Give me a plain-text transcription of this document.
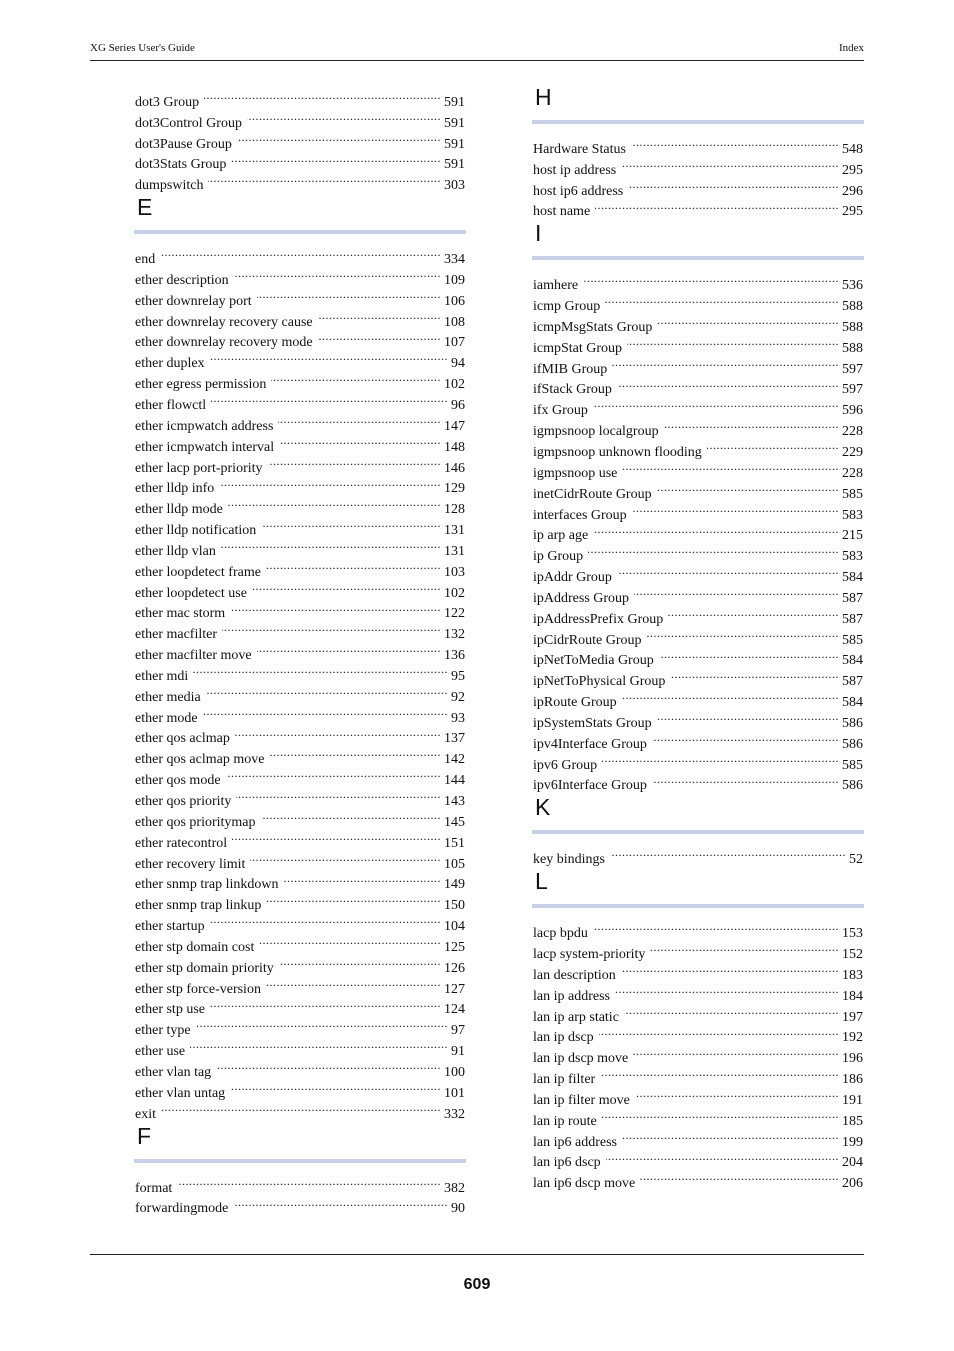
XG Series User's Guide	Index
dot3 Group .....	591
dot3Control Group .....	591
dot3Pause Group .....	591
dot3Stats Group .....	591
dumpswitch .....	303
E
end .....	334
ether description .....	109
ether downrelay port .....	106
ether downrelay recovery cause .....	108
ether downrelay recovery mode .....	107
ether duplex .....	94
ether egress permission .....	102
ether flowctl .....	96
ether icmpwatch address .....	147
ether icmpwatch interval .....	148
ether lacp port-priority .....	146
ether lldp info .....	129
ether lldp mode .....	128
ether lldp notification .....	131
ether lldp vlan .....	131
ether loopdetect frame .....	103
ether loopdetect use .....	102
ether mac storm .....	122
ether macfilter .....	132
ether macfilter move .....	136
ether mdi .....	95
ether media .....	92
ether mode .....	93
ether qos aclmap .....	137
ether qos aclmap move .....	142
ether qos mode .....	144
ether qos priority .....	143
ether qos prioritymap .....	145
ether ratecontrol .....	151
ether recovery limit .....	105
ether snmp trap linkdown .....	149
ether snmp trap linkup .....	150
ether startup .....	104
ether stp domain cost .....	125
ether stp domain priority .....	126
ether stp force-version .....	127
ether stp use .....	124
ether type .....	97
ether use .....	91
ether vlan tag .....	100
ether vlan untag .....	101
exit .....	332
F
format .....	382
forwardingmode .....	90
H
Hardware Status .....	548
host ip address .....	295
host ip6 address .....	296
host name .....	295
I
iamhere .....	536
icmp Group .....	588
icmpMsgStats Group .....	588
icmpStat Group .....	588
ifMIB Group .....	597
ifStack Group .....	597
ifx Group .....	596
igmpsnoop localgroup .....	228
igmpsnoop unknown flooding .....	229
igmpsnoop use .....	228
inetCidrRoute Group .....	585
interfaces Group .....	583
ip arp age .....	215
ip Group .....	583
ipAddr Group .....	584
ipAddress Group .....	587
ipAddressPrefix Group .....	587
ipCidrRoute Group .....	585
ipNetToMedia Group .....	584
ipNetToPhysical Group .....	587
ipRoute Group .....	584
ipSystemStats Group .....	586
ipv4Interface Group .....	586
ipv6 Group .....	585
ipv6Interface Group .....	586
K
key bindings .....	52
L
lacp bpdu .....	153
lacp system-priority .....	152
lan description .....	183
lan ip address .....	184
lan ip arp static .....	197
lan ip dscp .....	192
lan ip dscp move .....	196
lan ip filter .....	186
lan ip filter move .....	191
lan ip route .....	185
lan ip6 address .....	199
lan ip6 dscp .....	204
lan ip6 dscp move .....	206
609
